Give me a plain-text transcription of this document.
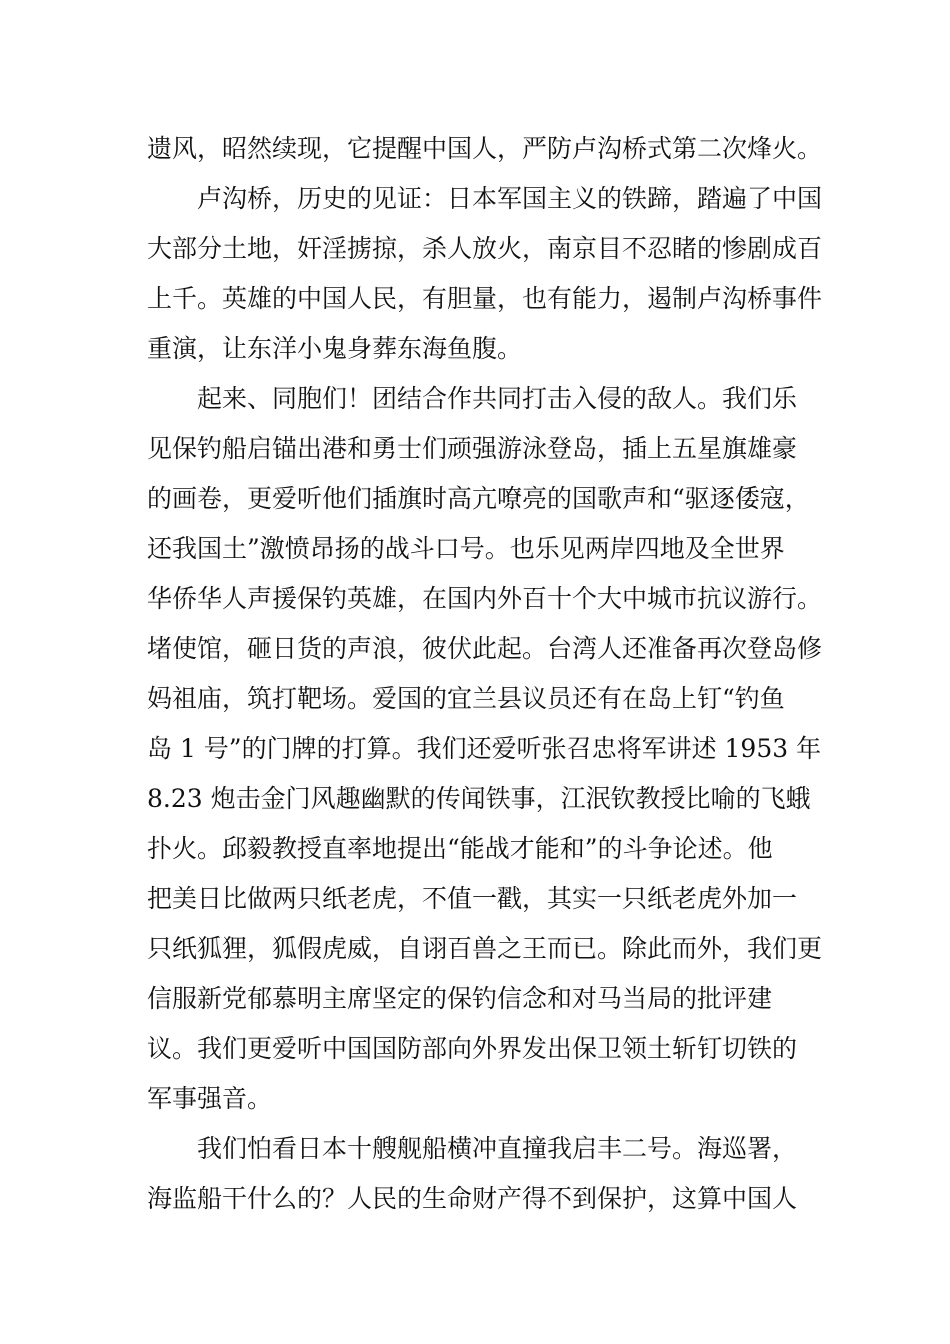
遗风，昭然续现，它提醒中国人，严防卢沟桥式第二次烽火。
卢沟桥，历史的见证：日本军国主义的铁蹄，踏遍了中国
大部分土地，奸淫掳掠，杀人放火，南京目不忍睹的惨剧成百
上千。英雄的中国人民，有胆量，也有能力，遏制卢沟桥事件
重演，让东洋小鬼身葬东海鱼腹。
起来、同胞们！团结合作共同打击入侵的敌人。我们乐
见保钓船启锚出港和勇士们顽强游泳登岛，插上五星旗雄豪
的画卷，更爱听他们插旗时高亢嘹亮的国歌声和“驱逐倭寇，
还我国土”激愤昂扬的战斗口号。也乐见两岸四地及全世界
华侨华人声援保钓英雄，在国内外百十个大中城市抗议游行。
堵使馆，砸日货的声浪，彼伏此起。台湾人还准备再次登岛修
妈祖庙，筑打靶场。爱国的宜兰县议员还有在岛上钉“钓鱼
岛 1 号”的门牌的打算。我们还爱听张召忠将军讲述 1953 年
8.23 炮击金门风趣幽默的传闻铁事，江泯钦教授比喻的飞蛾
扑火。邱毅教授直率地提出“能战才能和”的斗争论述。他
把美日比做两只纸老虎，不值一戳，其实一只纸老虎外加一
只纸狐狸，狐假虎威，自诩百兽之王而已。除此而外，我们更
信服新党郁慕明主席坚定的保钓信念和对马当局的批评建
议。我们更爱听中国国防部向外界发出保卫领土斩钉切铁的
军事强音。
我们怕看日本十艘舰船横冲直撞我启丰二号。海巡署，
海监船干什么的？人民的生命财产得不到保护，这算中国人
